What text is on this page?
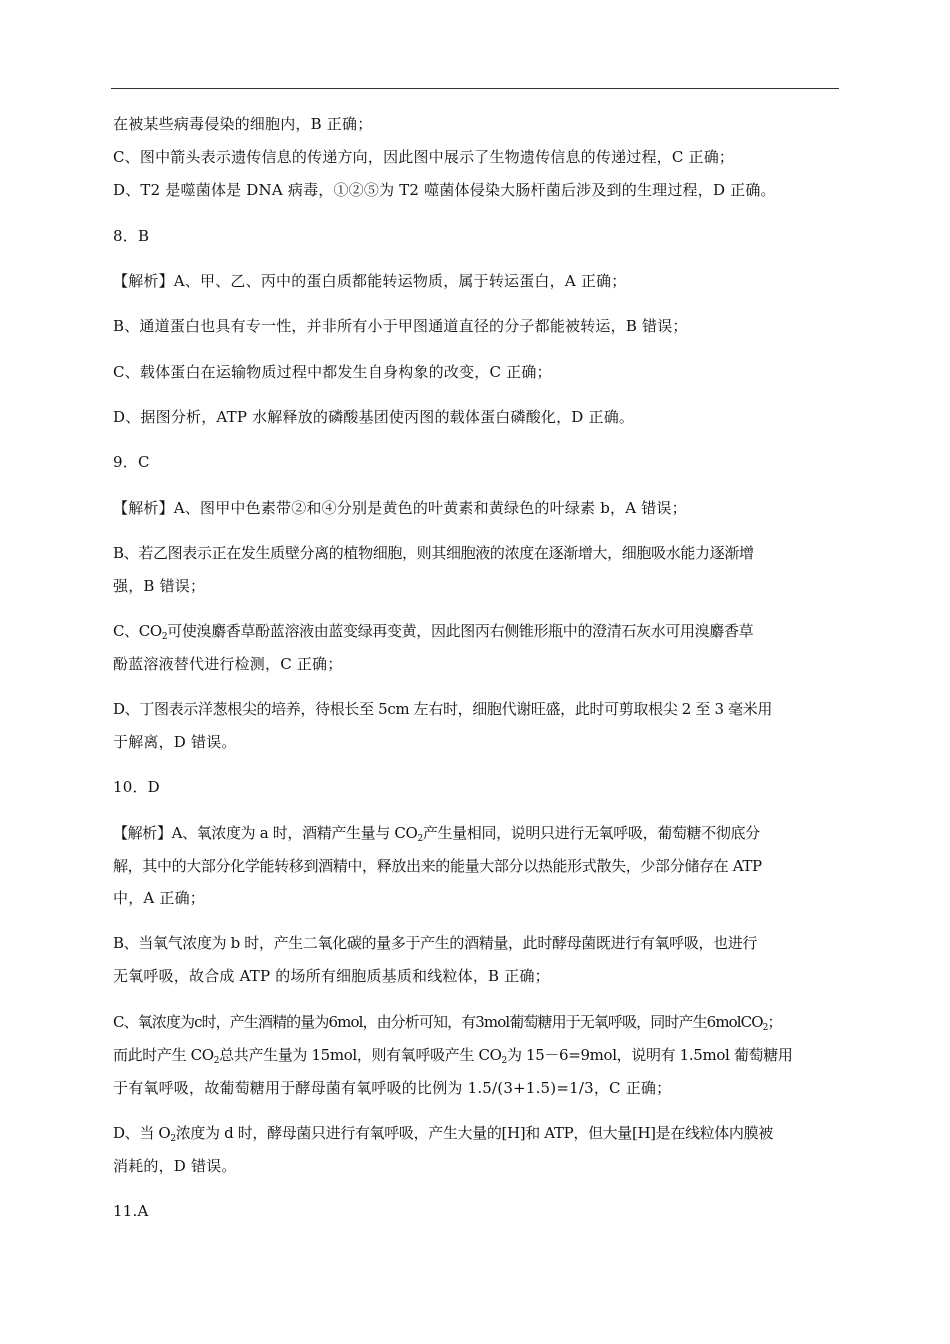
在被某些病毒侵染的细胞内，B 正确；
C、图中箭头表示遗传信息的传递方向，因此图中展示了生物遗传信息的传递过程，C 正确；
D、T2 是噬菌体是 DNA 病毒，①②⑤为 T2 噬菌体侵染大肠杆菌后涉及到的生理过程，D 正确。
8．B
【解析】A、甲、乙、丙中的蛋白质都能转运物质，属于转运蛋白，A 正确；
B、通道蛋白也具有专一性，并非所有小于甲图通道直径的分子都能被转运，B 错误；
C、载体蛋白在运输物质过程中都发生自身构象的改变，C 正确；
D、据图分析，ATP 水解释放的磷酸基团使丙图的载体蛋白磷酸化，D 正确。
9．C
【解析】A、图甲中色素带②和④分别是黄色的叶黄素和黄绿色的叶绿素 b，A 错误；
B、若乙图表示正在发生质壁分离的植物细胞，则其细胞液的浓度在逐渐增大，细胞吸水能力逐渐增
强，B 错误；
C、$CO_2$可使溴麝香草酚蓝溶液由蓝变绿再变黄，因此图丙右侧锥形瓶中的澄清石灰水可用溴麝香草
酚蓝溶液替代进行检测，C 正确；
D、丁图表示洋葱根尖的培养，待根长至 5cm 左右时，细胞代谢旺盛，此时可剪取根尖 2 至 3 毫米用
于解离，D 错误。
10．D
【解析】A、氧浓度为 a 时，酒精产生量与 $CO_2$产生量相同，说明只进行无氧呼吸，葡萄糖不彻底分
解，其中的大部分化学能转移到酒精中，释放出来的能量大部分以热能形式散失，少部分储存在 ATP
中，A 正确；
B、当氧气浓度为 b 时，产生二氧化碳的量多于产生的酒精量，此时酵母菌既进行有氧呼吸，也进行
无氧呼吸，故合成 ATP 的场所有细胞质基质和线粒体，B 正确；
C、氧浓度为c时，产生酒精的量为6mol，由分析可知，有3mol葡萄糖用于无氧呼吸，同时产生6molCO$_2$；
而此时产生 $CO_2$总共产生量为 15mol，则有氧呼吸产生 $CO_2$为 15－6=9mol，说明有 1.5mol 葡萄糖用
于有氧呼吸，故葡萄糖用于酵母菌有氧呼吸的比例为 1.5/(3+1.5)=1/3，C 正确；
D、当 $O_2$浓度为 d 时，酵母菌只进行有氧呼吸，产生大量的[H]和 ATP，但大量[H]是在线粒体内膜被
消耗的，D 错误。
11.A
